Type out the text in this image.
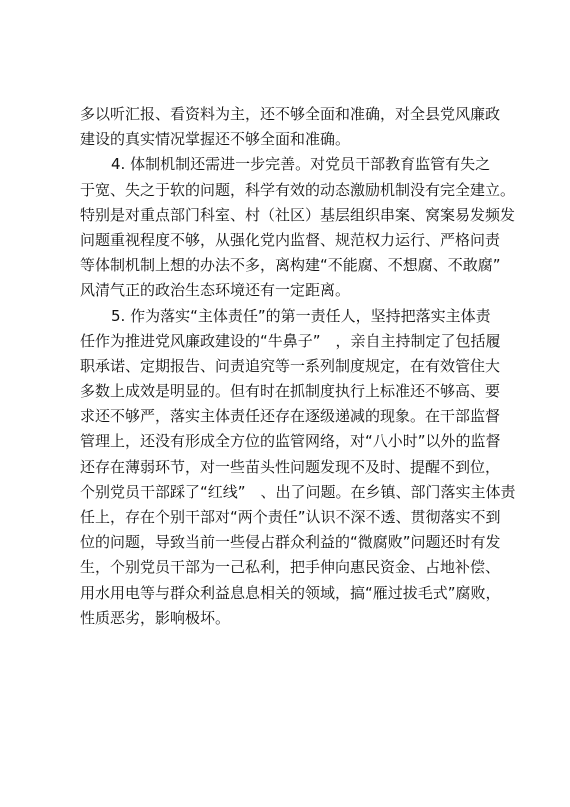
多以听汇报、看资料为主，还不够全面和准确，对全县党风廉政
建设的真实情况掌握还不够全面和准确。
4. 体制机制还需进一步完善。对党员干部教育监管有失之
于宽、失之于软的问题，科学有效的动态激励机制没有完全建立。
特别是对重点部门科室、村（社区）基层组织串案、窝案易发频发
问题重视程度不够，从强化党内监督、规范权力运行、严格问责
等体制机制上想的办法不多，离构建“不能腐、不想腐、不敢腐”
风清气正的政治生态环境还有一定距离。
5. 作为落实“主体责任”的第一责任人，坚持把落实主体责
任作为推进党风廉政建设的“牛鼻子”　，亲自主持制定了包括履
职承诺、定期报告、问责追究等一系列制度规定，在有效管住大
多数上成效是明显的。但有时在抓制度执行上标准还不够高、要
求还不够严，落实主体责任还存在逐级递减的现象。在干部监督
管理上，还没有形成全方位的监管网络，对“八小时”以外的监督
还存在薄弱环节，对一些苗头性问题发现不及时、提醒不到位，
个别党员干部踩了“红线”　、出了问题。在乡镇、部门落实主体责
任上，存在个别干部对“两个责任”认识不深不透、贯彻落实不到
位的问题，导致当前一些侵占群众利益的“微腐败”问题还时有发
生，个别党员干部为一己私利，把手伸向惠民资金、占地补偿、
用水用电等与群众利益息息相关的领域，搞“雁过拔毛式”腐败，
性质恶劣，影响极坏。
